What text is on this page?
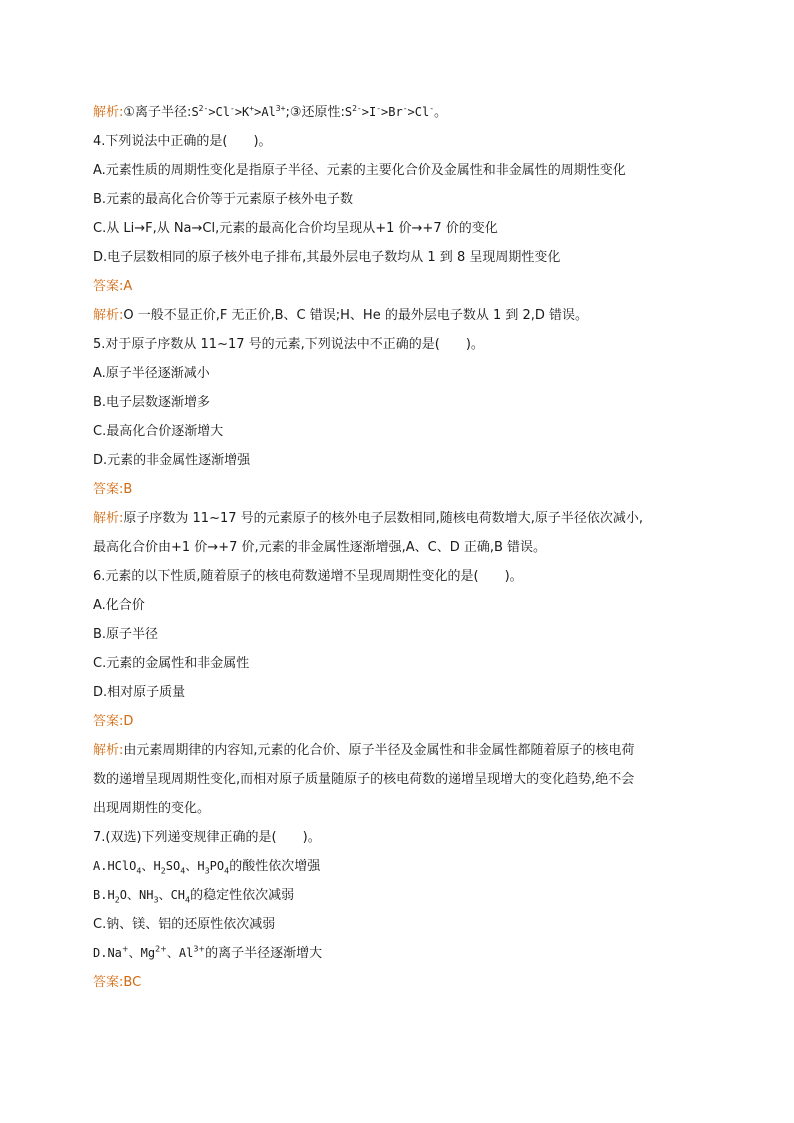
解析:①离子半径$:S^{2-}>Cl^->K^+>Al^{3+};③$还原性$:S^{2-}>I^->Br^->Cl^-$。
4.下列说法中正确的是(　　)。
A.元素性质的周期性变化是指原子半径、元素的主要化合价及金属性和非金属性的周期性变化
B.元素的最高化合价等于元素原子核外电子数
C.从 Li→F,从 Na→Cl,元素的最高化合价均呈现从+1 价→+7 价的变化
D.电子层数相同的原子核外电子排布,其最外层电子数均从 1 到 8 呈现周期性变化
答案:A
解析:O 一般不显正价,F 无正价,B、C 错误;H、He 的最外层电子数从 1 到 2,D 错误。
5.对于原子序数从 11~17 号的元素,下列说法中不正确的是(　　)。
A.原子半径逐渐减小
B.电子层数逐渐增多
C.最高化合价逐渐增大
D.元素的非金属性逐渐增强
答案:B
解析:原子序数为 11~17 号的元素原子的核外电子层数相同,随核电荷数增大,原子半径依次减小,
最高化合价由+1 价→+7 价,元素的非金属性逐渐增强,A、C、D 正确,B 错误。
6.元素的以下性质,随着原子的核电荷数递增不呈现周期性变化的是(　　)。
A.化合价
B.原子半径
C.元素的金属性和非金属性
D.相对原子质量
答案:D
解析:由元素周期律的内容知,元素的化合价、原子半径及金属性和非金属性都随着原子的核电荷
数的递增呈现周期性变化,而相对原子质量随原子的核电荷数的递增呈现增大的变化趋势,绝不会
出现周期性的变化。
7.(双选)下列递变规律正确的是(　　)。
A.HClO$_4$、$H_2SO_4$、$H_3PO_4$的酸性依次增强
$B.H_2O$、$NH_3$、$CH_4$的稳定性依次减弱
C.钠、镁、铝的还原性依次减弱
D.Na+、$Mg^{2+}$、$Al^{3+}$的离子半径逐渐增大
答案:BC
